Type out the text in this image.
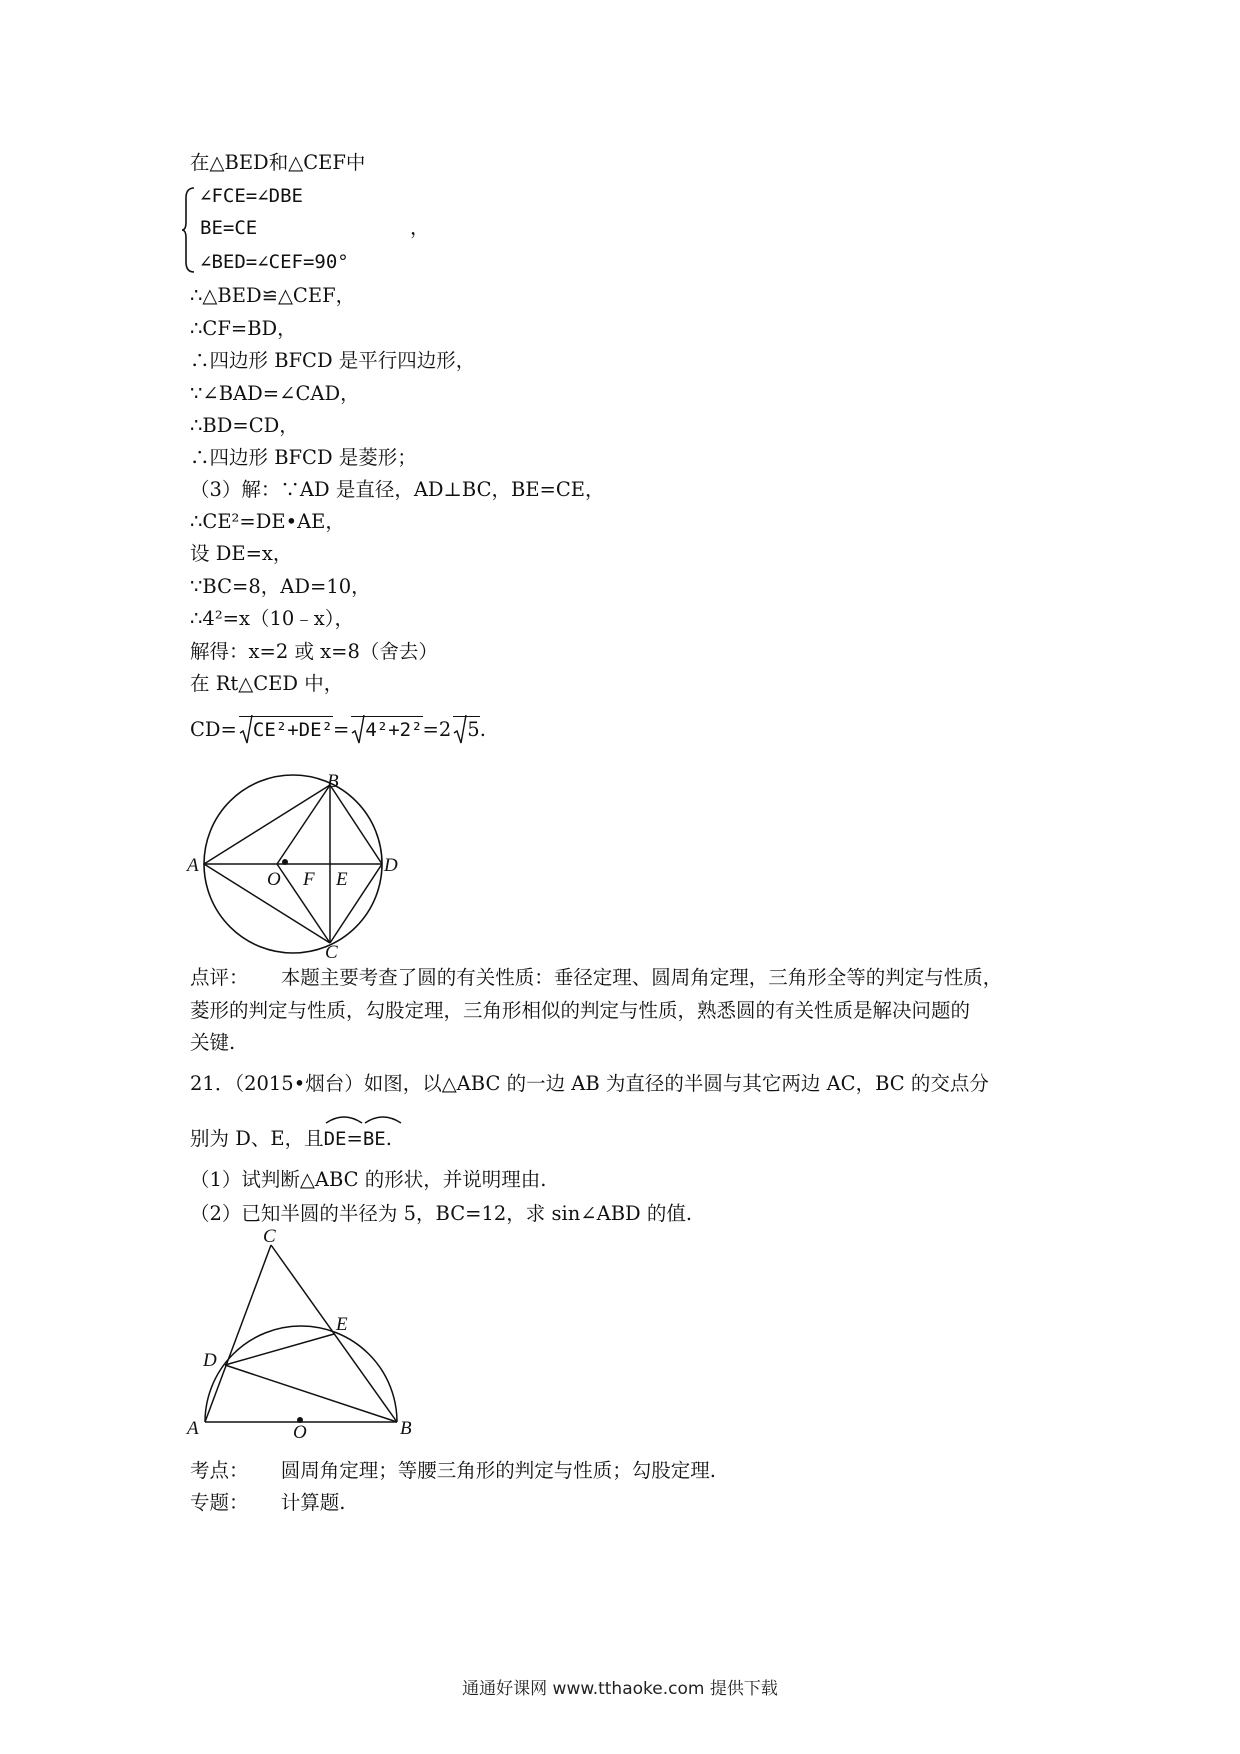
在△BED和△CEF中
∠FCE=∠DBE
BE=CE	，
∠BED=∠CEF=90°
∴△BED≌△CEF，
∴CF=BD，
∴四边形 BFCD 是平行四边形，
∵∠BAD=∠CAD，
∴BD=CD，
∴四边形 BFCD 是菱形；
（3）解：∵AD 是直径，AD⊥BC，BE=CE，
∴CE²=DE•AE，
设 DE=x，
∵BC=8，AD=10，
∴4²=x（10﹣x），
解得：x=2 或 x=8（舍去）
在 Rt△CED 中，
CD= CE²+DE²= 4²+2²=2 5.
A
B
C
D
O F E
点评： 本题主要考查了圆的有关性质：垂径定理、圆周角定理，三角形全等的判定与性质，
菱形的判定与性质，勾股定理，三角形相似的判定与性质，熟悉圆的有关性质是解决问题的
关键.
21．（2015•烟台）如图，以△ABC 的一边 AB 为直径的半圆与其它两边 AC，BC 的交点分
别为 D、E，且
DE=
BE.
（1）试判断△ABC 的形状，并说明理由.
（2）已知半圆的半径为 5，BC=12，求 sin∠ABD 的值.
C
E
D
A	O	B
考点： 圆周角定理；等腰三角形的判定与性质；勾股定理.
专题： 计算题.
通通好课网 www.tthaoke.com 提供下载
